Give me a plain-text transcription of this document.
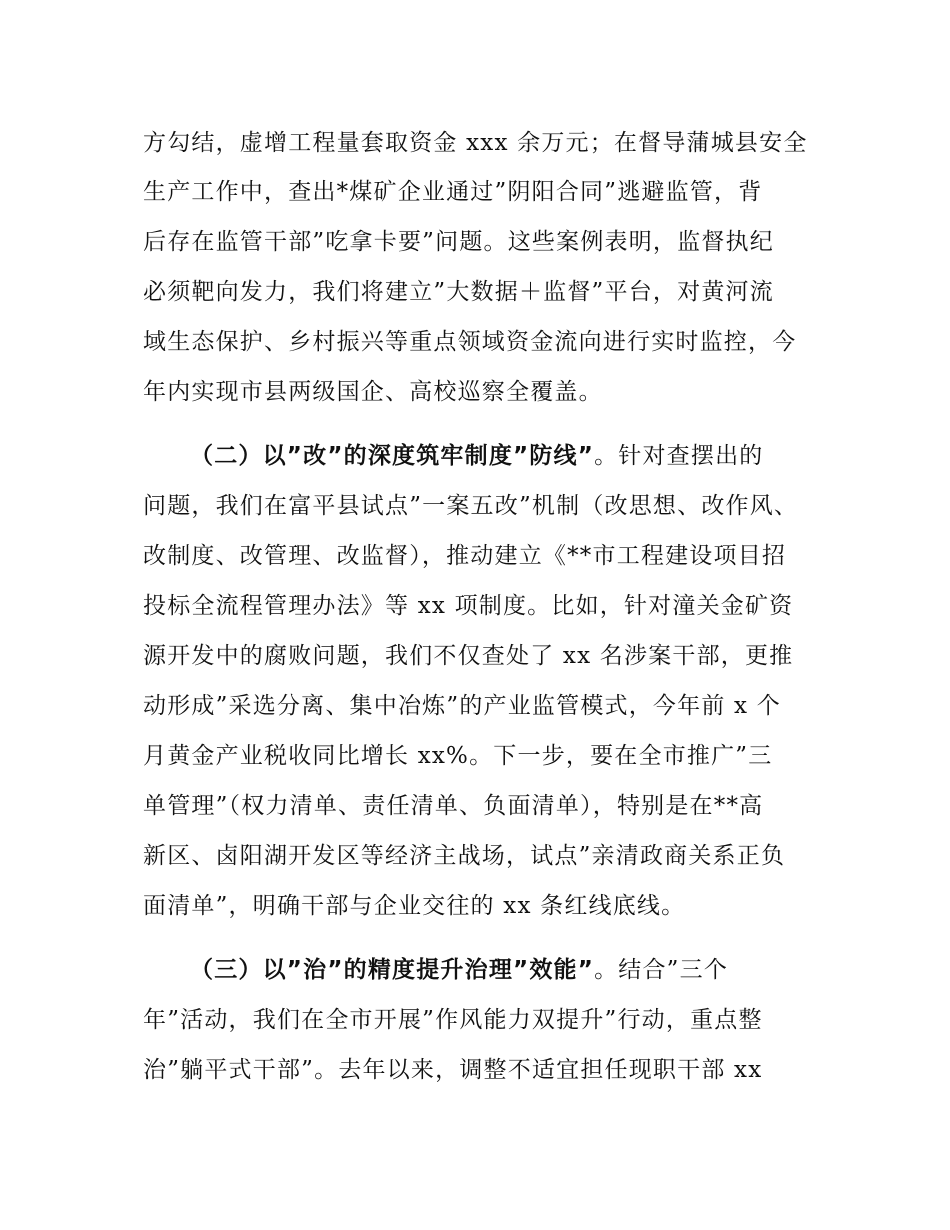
方勾结，虚增工程量套取资金 xxx 余万元；在督导蒲城县安全
生产工作中，查出*煤矿企业通过”阴阳合同”逃避监管，背
后存在监管干部”吃拿卡要”问题。这些案例表明，监督执纪
必须靶向发力，我们将建立”大数据＋监督”平台，对黄河流
域生态保护、乡村振兴等重点领域资金流向进行实时监控，今
年内实现市县两级国企、高校巡察全覆盖。
（二）以”改”的深度筑牢制度”防线”。针对查摆出的
问题，我们在富平县试点”一案五改”机制（改思想、改作风、
改制度、改管理、改监督），推动建立《**市工程建设项目招
投标全流程管理办法》等 xx 项制度。比如，针对潼关金矿资
源开发中的腐败问题，我们不仅查处了 xx 名涉案干部，更推
动形成”采选分离、集中冶炼”的产业监管模式，今年前 x 个
月黄金产业税收同比增长 xx%。下一步，要在全市推广”三
单管理”（权力清单、责任清单、负面清单），特别是在**高
新区、卤阳湖开发区等经济主战场，试点”亲清政商关系正负
面清单”，明确干部与企业交往的 xx 条红线底线。
（三）以”治”的精度提升治理”效能”。结合”三个
年”活动，我们在全市开展”作风能力双提升”行动，重点整
治”躺平式干部”。去年以来，调整不适宜担任现职干部 xx
